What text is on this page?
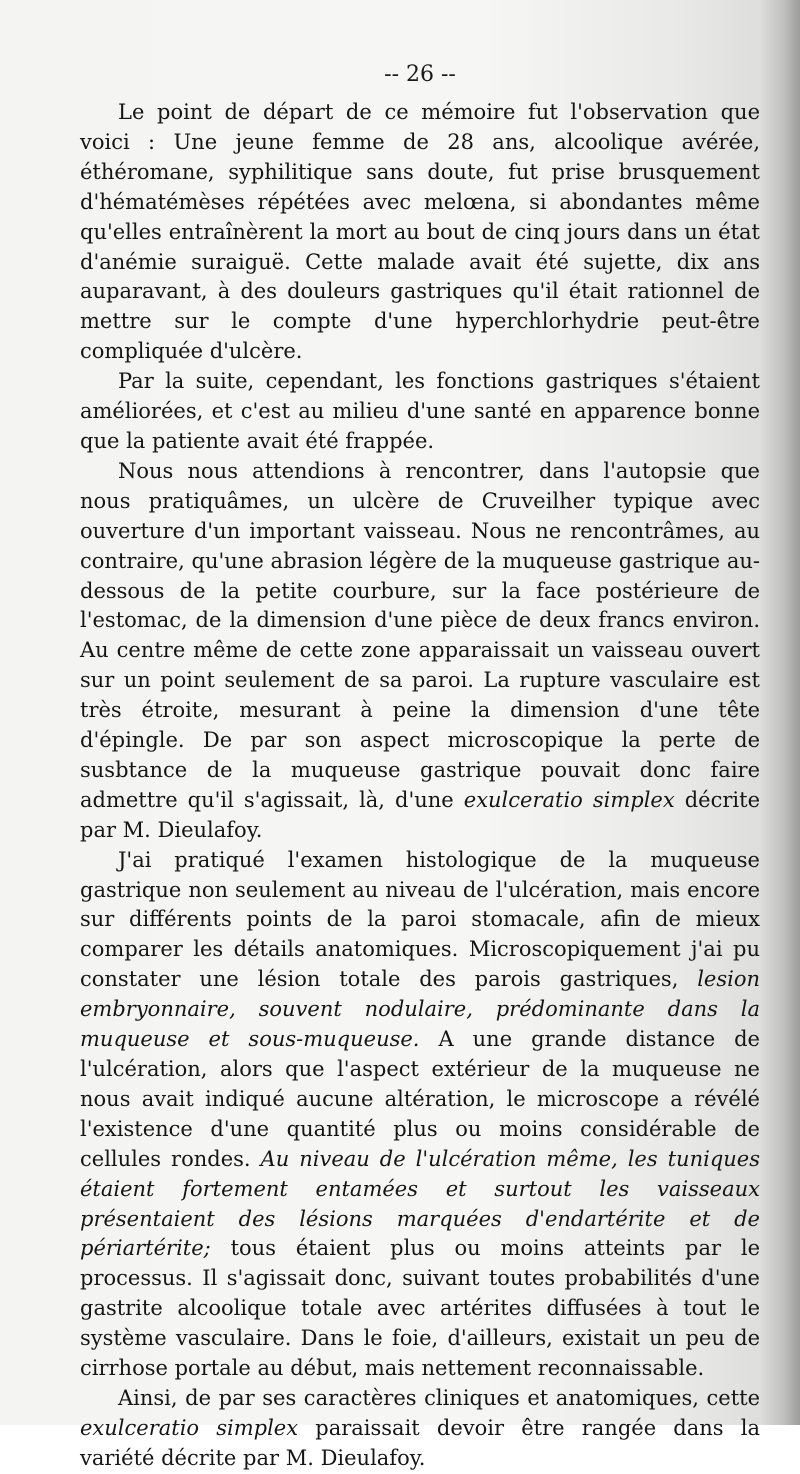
-- 26 --

Le point de départ de ce mémoire fut l'observation que voici : Une jeune femme de 28 ans, alcoolique avérée, éthéromane, syphilitique sans doute, fut prise brusquement d'hématémèses répétées avec melœna, si abondantes même qu'elles entraînèrent la mort au bout de cinq jours dans un état d'anémie suraiguë. Cette malade avait été sujette, dix ans auparavant, à des douleurs gastriques qu'il était rationnel de mettre sur le compte d'une hyperchlorhydrie peut-être compliquée d'ulcère.

Par la suite, cependant, les fonctions gastriques s'étaient améliorées, et c'est au milieu d'une santé en apparence bonne que la patiente avait été frappée.

Nous nous attendions à rencontrer, dans l'autopsie que nous pratiquâmes, un ulcère de Cruveilher typique avec ouverture d'un important vaisseau. Nous ne rencontrâmes, au contraire, qu'une abrasion légère de la muqueuse gastrique au-dessous de la petite courbure, sur la face postérieure de l'estomac, de la dimension d'une pièce de deux francs environ. Au centre même de cette zone apparaissait un vaisseau ouvert sur un point seulement de sa paroi. La rupture vasculaire est très étroite, mesurant à peine la dimension d'une tête d'épingle. De par son aspect microscopique la perte de susbtance de la muqueuse gastrique pouvait donc faire admettre qu'il s'agissait, là, d'une exulceratio simplex décrite par M. Dieulafoy.

J'ai pratiqué l'examen histologique de la muqueuse gastrique non seulement au niveau de l'ulcération, mais encore sur différents points de la paroi stomacale, afin de mieux comparer les détails anatomiques. Microscopiquement j'ai pu constater une lésion totale des parois gastriques, lesion embryonnaire, souvent nodulaire, prédominante dans la muqueuse et sous-muqueuse. A une grande distance de l'ulcération, alors que l'aspect extérieur de la muqueuse ne nous avait indiqué aucune altération, le microscope a révélé l'existence d'une quantité plus ou moins considérable de cellules rondes. Au niveau de l'ulcération même, les tuniques étaient fortement entamées et surtout les vaisseaux présentaient des lésions marquées d'endartérite et de périartérite; tous étaient plus ou moins atteints par le processus. Il s'agissait donc, suivant toutes probabilités d'une gastrite alcoolique totale avec artérites diffusées à tout le système vasculaire. Dans le foie, d'ailleurs, existait un peu de cirrhose portale au début, mais nettement reconnaissable.

Ainsi, de par ses caractères cliniques et anatomiques, cette exulceratio simplex paraissait devoir être rangée dans la variété décrite par M. Dieulafoy.
